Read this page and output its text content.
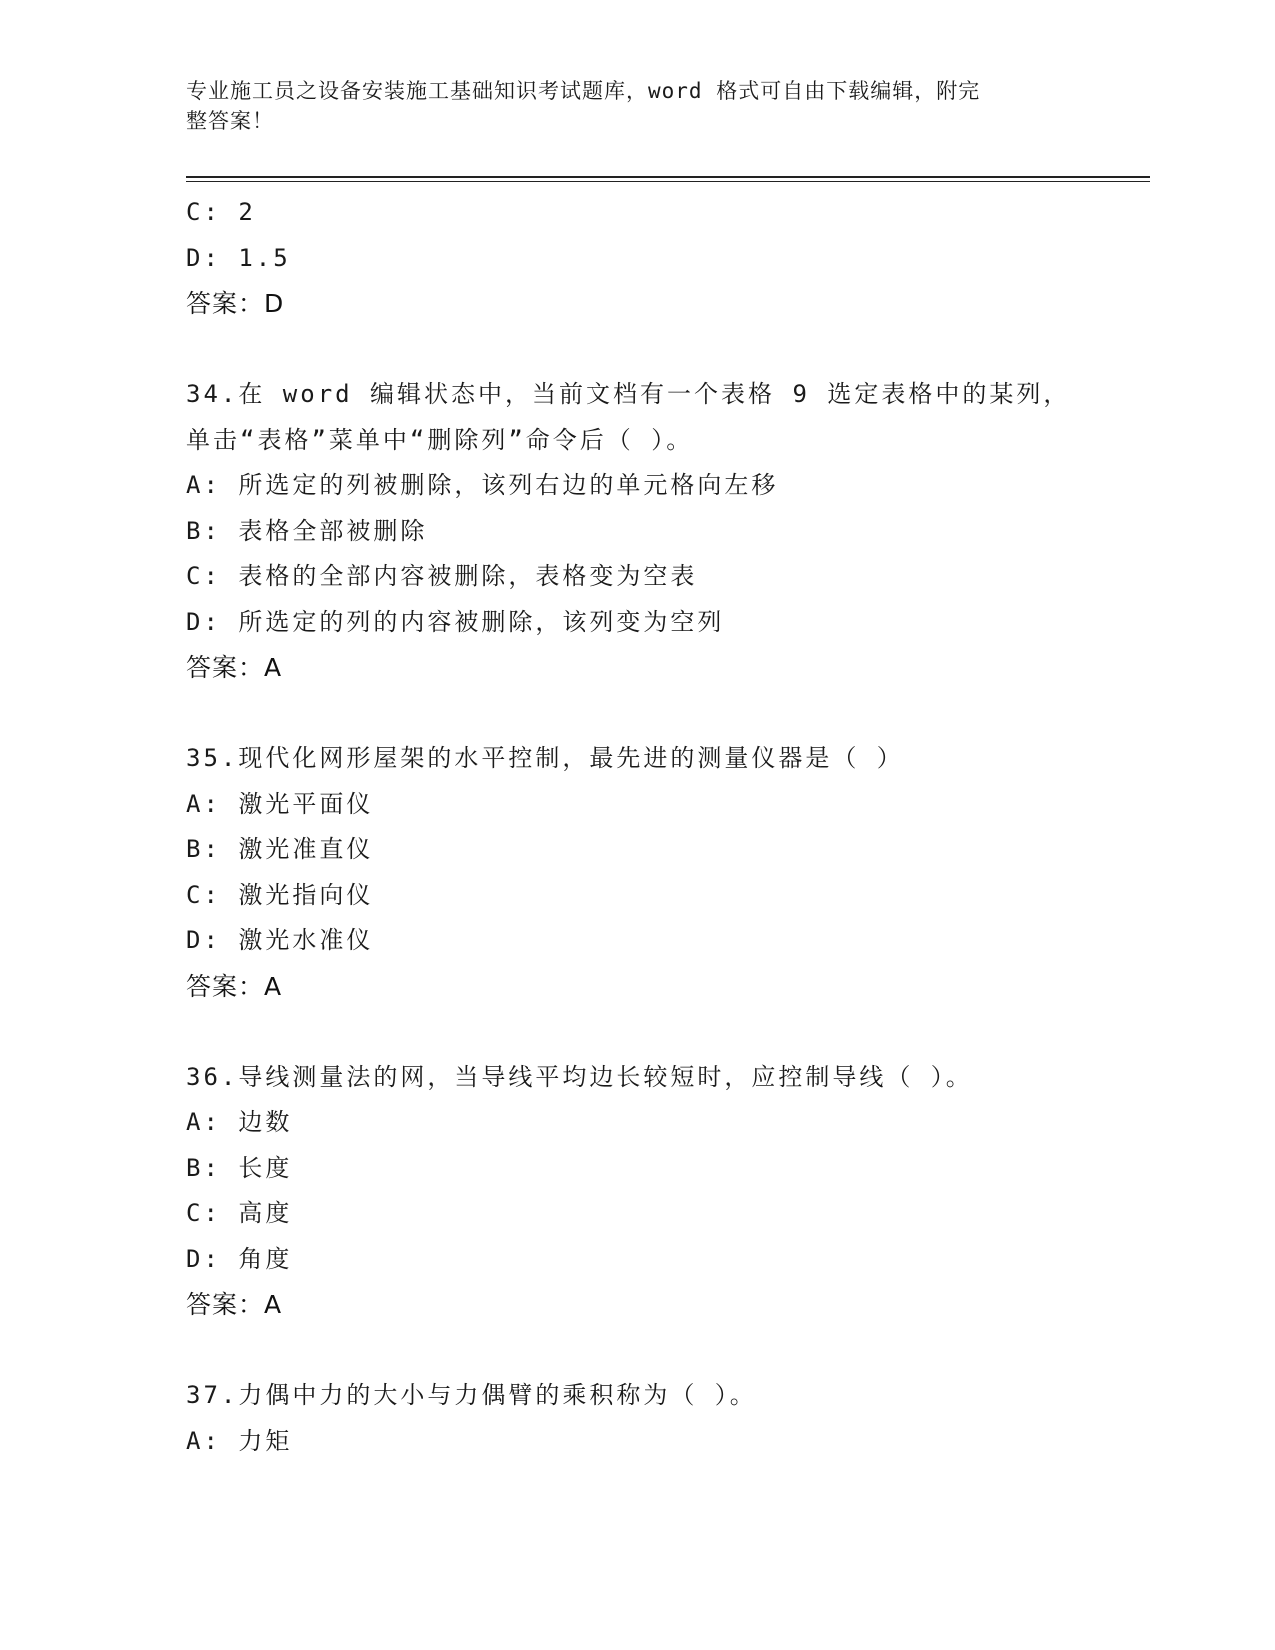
专业施工员之设备安装施工基础知识考试题库，word 格式可自由下载编辑，附完
整答案！
C: 2
D: 1.5
答案：D
34.在 word 编辑状态中，当前文档有一个表格 9 选定表格中的某列，
单击“表格”菜单中“删除列”命令后（ ）。
A: 所选定的列被删除，该列右边的单元格向左移
B: 表格全部被删除
C: 表格的全部内容被删除，表格变为空表
D: 所选定的列的内容被删除，该列变为空列
答案：A
35.现代化网形屋架的水平控制，最先进的测量仪器是（ ）
A: 激光平面仪
B: 激光准直仪
C: 激光指向仪
D: 激光水准仪
答案：A
36.导线测量法的网，当导线平均边长较短时，应控制导线（ ）。
A: 边数
B: 长度
C: 高度
D: 角度
答案：A
37.力偶中力的大小与力偶臂的乘积称为（ ）。
A: 力矩
